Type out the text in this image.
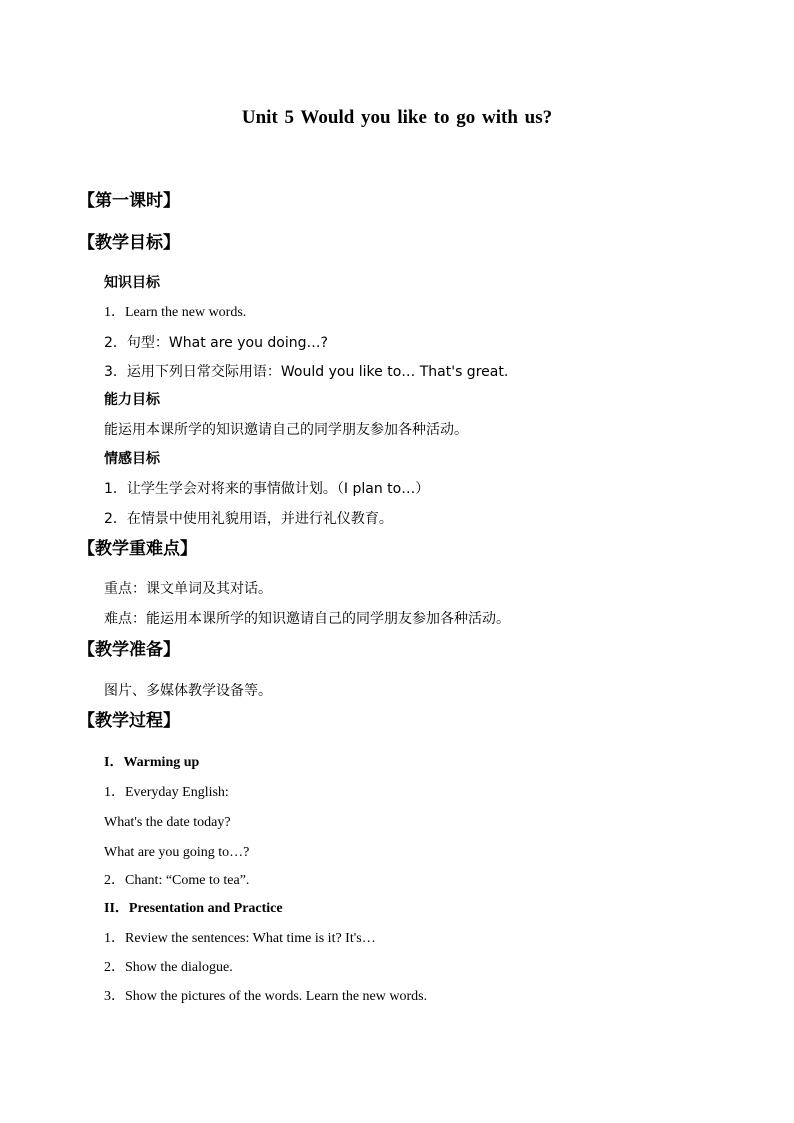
Unit 5 Would you like to go with us?
【第一课时】
【教学目标】
知识目标
1．Learn the new words.
2．句型：What are you doing…?
3．运用下列日常交际用语：Would you like to… That's great.
能力目标
能运用本课所学的知识邀请自己的同学朋友参加各种活动。
情感目标
1．让学生学会对将来的事情做计划。（I plan to…）
2．在情景中使用礼貌用语，并进行礼仪教育。
【教学重难点】
重点：课文单词及其对话。
难点：能运用本课所学的知识邀请自己的同学朋友参加各种活动。
【教学准备】
图片、多媒体教学设备等。
【教学过程】
I．Warming up
1．Everyday English:
What's the date today?
What are you going to…?
2．Chant: “Come to tea”.
II．Presentation and Practice
1．Review the sentences: What time is it? It's…
2．Show the dialogue.
3．Show the pictures of the words. Learn the new words.
